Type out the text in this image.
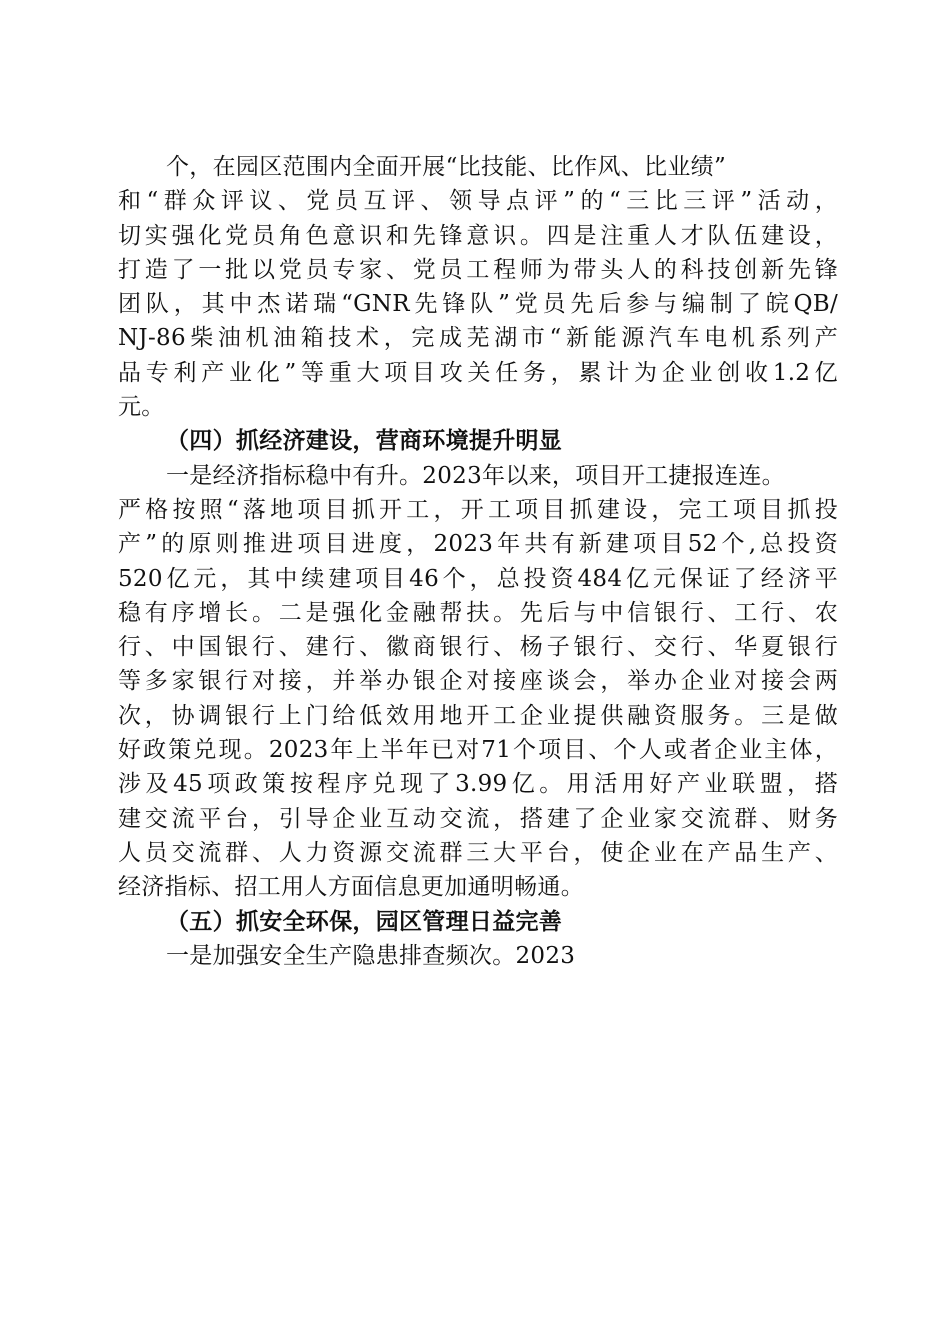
个，在园区范围内全面开展“比技能、比作风、比业绩”
和“群众评议、党员互评、领导点评”的“三比三评”活动，
切实强化党员角色意识和先锋意识。四是注重人才队伍建设，
打造了一批以党员专家、党员工程师为带头人的科技创新先锋
团队，其中杰诺瑞“GNR先锋队”党员先后参与编制了皖QB/
NJ-86柴油机油箱技术，完成芜湖市“新能源汽车电机系列产
品专利产业化”等重大项目攻关任务，累计为企业创收1.2亿
元。
（四）抓经济建设，营商环境提升明显
一是经济指标稳中有升。2023年以来，项目开工捷报连连。
严格按照“落地项目抓开工，开工项目抓建设，完工项目抓投
产”的原则推进项目进度，2023年共有新建项目52个,总投资
520亿元，其中续建项目46个，总投资484亿元保证了经济平
稳有序增长。二是强化金融帮扶。先后与中信银行、工行、农
行、中国银行、建行、徽商银行、杨子银行、交行、华夏银行
等多家银行对接，并举办银企对接座谈会，举办企业对接会两
次，协调银行上门给低效用地开工企业提供融资服务。三是做
好政策兑现。2023年上半年已对71个项目、个人或者企业主体，
涉及45项政策按程序兑现了3.99亿。用活用好产业联盟，搭
建交流平台，引导企业互动交流，搭建了企业家交流群、财务
人员交流群、人力资源交流群三大平台，使企业在产品生产、
经济指标、招工用人方面信息更加通明畅通。
（五）抓安全环保，园区管理日益完善
一是加强安全生产隐患排查频次。2023
